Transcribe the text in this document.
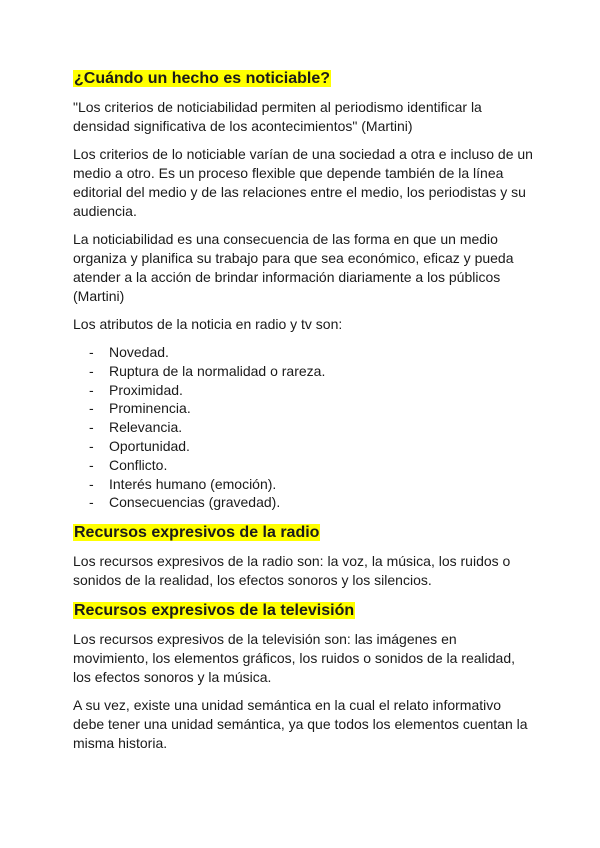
¿Cuándo un hecho es noticiable?

"Los criterios de noticiabilidad permiten al periodismo identificar la densidad significativa de los acontecimientos" (Martini)

Los criterios de lo noticiable varían de una sociedad a otra e incluso de un medio a otro. Es un proceso flexible que depende también de la línea editorial del medio y de las relaciones entre el medio, los periodistas y su audiencia.

La noticiabilidad es una consecuencia de las forma en que un medio organiza y planifica su trabajo para que sea económico, eficaz y pueda atender a la acción de brindar información diariamente a los públicos (Martini)

Los atributos de la noticia en radio y tv son:

- Novedad.
- Ruptura de la normalidad o rareza.
- Proximidad.
- Prominencia.
- Relevancia.
- Oportunidad.
- Conflicto.
- Interés humano (emoción).
- Consecuencias (gravedad).
Recursos expresivos de la radio

Los recursos expresivos de la radio son: la voz, la música, los ruidos o sonidos de la realidad, los efectos sonoros y los silencios.

Recursos expresivos de la televisión

Los recursos expresivos de la televisión son: las imágenes en movimiento, los elementos gráficos, los ruidos o sonidos de la realidad, los efectos sonoros y la música.

A su vez, existe una unidad semántica en la cual el relato informativo debe tener una unidad semántica, ya que todos los elementos cuentan la misma historia.
